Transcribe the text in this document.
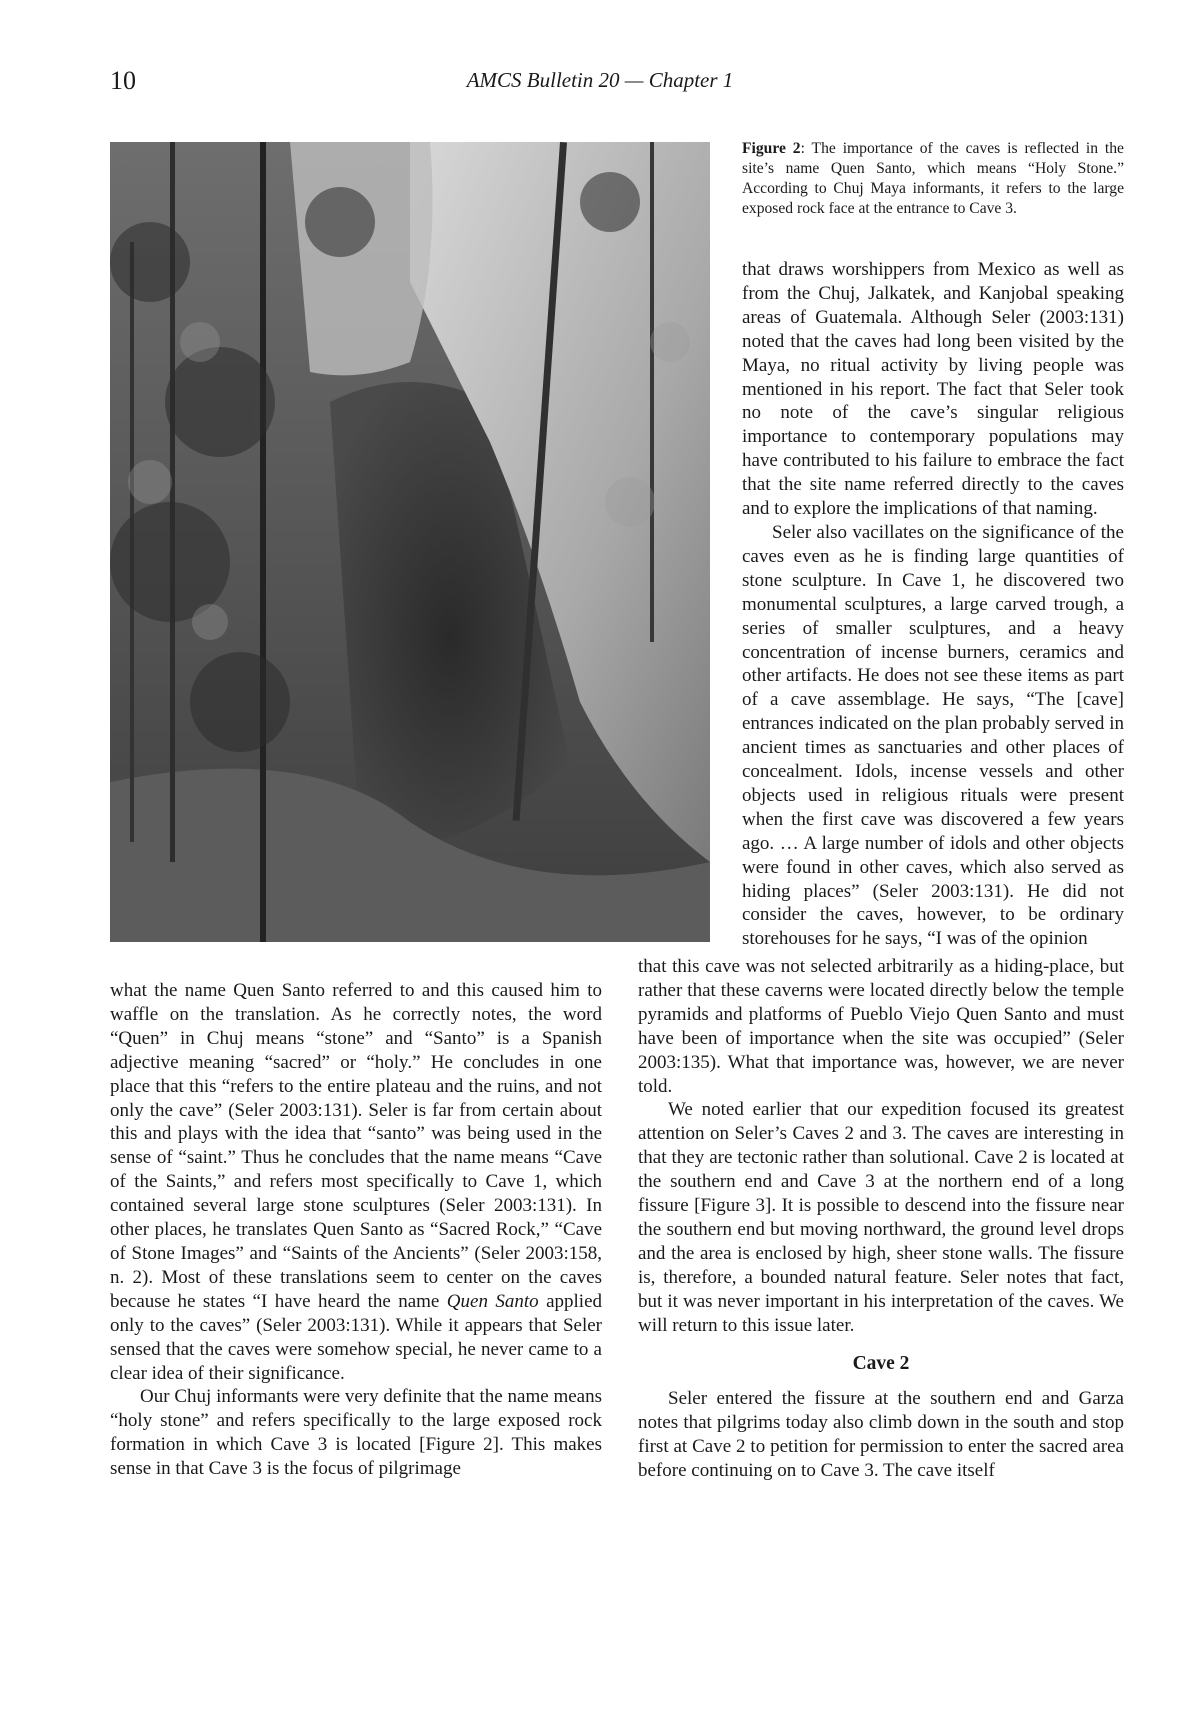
10	AMCS Bulletin 20 — Chapter 1
Figure 2: The importance of the caves is reflected in the site’s name Quen Santo, which means “Holy Stone.” According to Chuj Maya informants, it refers to the large exposed rock face at the entrance to Cave 3.

that draws worshippers from Mexico as well as from the Chuj, Jalkatek, and Kanjobal speaking areas of Guatemala. Although Seler (2003:131) noted that the caves had long been visited by the Maya, no ritual activity by living people was mentioned in his report. The fact that Seler took no note of the cave’s singular religious importance to contemporary populations may have contributed to his failure to embrace the fact that the site name referred directly to the caves and to explore the implications of that naming.

Seler also vacillates on the significance of the caves even as he is finding large quantities of stone sculpture. In Cave 1, he discovered two monumental sculptures, a large carved trough, a series of smaller sculptures, and a heavy concentration of incense burners, ceramics and other artifacts. He does not see these items as part of a cave assemblage. He says, “The [cave] entrances indicated on the plan probably served in ancient times as sanctuaries and other places of concealment. Idols, incense vessels and other objects used in religious rituals were present when the first cave was discovered a few years ago. … A large number of idols and other objects were found in other caves, which also served as hiding places” (Seler 2003:131). He did not consider the caves, however, to be ordinary storehouses for he says, “I was of the opinion

what the name Quen Santo referred to and this caused him to waffle on the translation. As he correctly notes, the word “Quen” in Chuj means “stone” and “Santo” is a Spanish adjective meaning “sacred” or “holy.” He concludes in one place that this “refers to the entire plateau and the ruins, and not only the cave” (Seler 2003:131). Seler is far from certain about this and plays with the idea that “santo” was being used in the sense of “saint.” Thus he concludes that the name means “Cave of the Saints,” and refers most specifically to Cave 1, which contained several large stone sculptures (Seler 2003:131). In other places, he translates Quen Santo as “Sacred Rock,” “Cave of Stone Images” and “Saints of the Ancients” (Seler 2003:158, n. 2). Most of these translations seem to center on the caves because he states “I have heard the name Quen Santo applied only to the caves” (Seler 2003:131). While it appears that Seler sensed that the caves were somehow special, he never came to a clear idea of their significance.

Our Chuj informants were very definite that the name means “holy stone” and refers specifically to the large exposed rock formation in which Cave 3 is located [Figure 2]. This makes sense in that Cave 3 is the focus of pilgrimage

that this cave was not selected arbitrarily as a hiding-place, but rather that these caverns were located directly below the temple pyramids and platforms of Pueblo Viejo Quen Santo and must have been of importance when the site was occupied” (Seler 2003:135). What that importance was, however, we are never told.

We noted earlier that our expedition focused its greatest attention on Seler’s Caves 2 and 3. The caves are interesting in that they are tectonic rather than solutional. Cave 2 is located at the southern end and Cave 3 at the northern end of a long fissure [Figure 3]. It is possible to descend into the fissure near the southern end but moving northward, the ground level drops and the area is enclosed by high, sheer stone walls. The fissure is, therefore, a bounded natural feature. Seler notes that fact, but it was never important in his interpretation of the caves. We will return to this issue later.

Cave 2

Seler entered the fissure at the southern end and Garza notes that pilgrims today also climb down in the south and stop first at Cave 2 to petition for permission to enter the sacred area before continuing on to Cave 3. The cave itself
